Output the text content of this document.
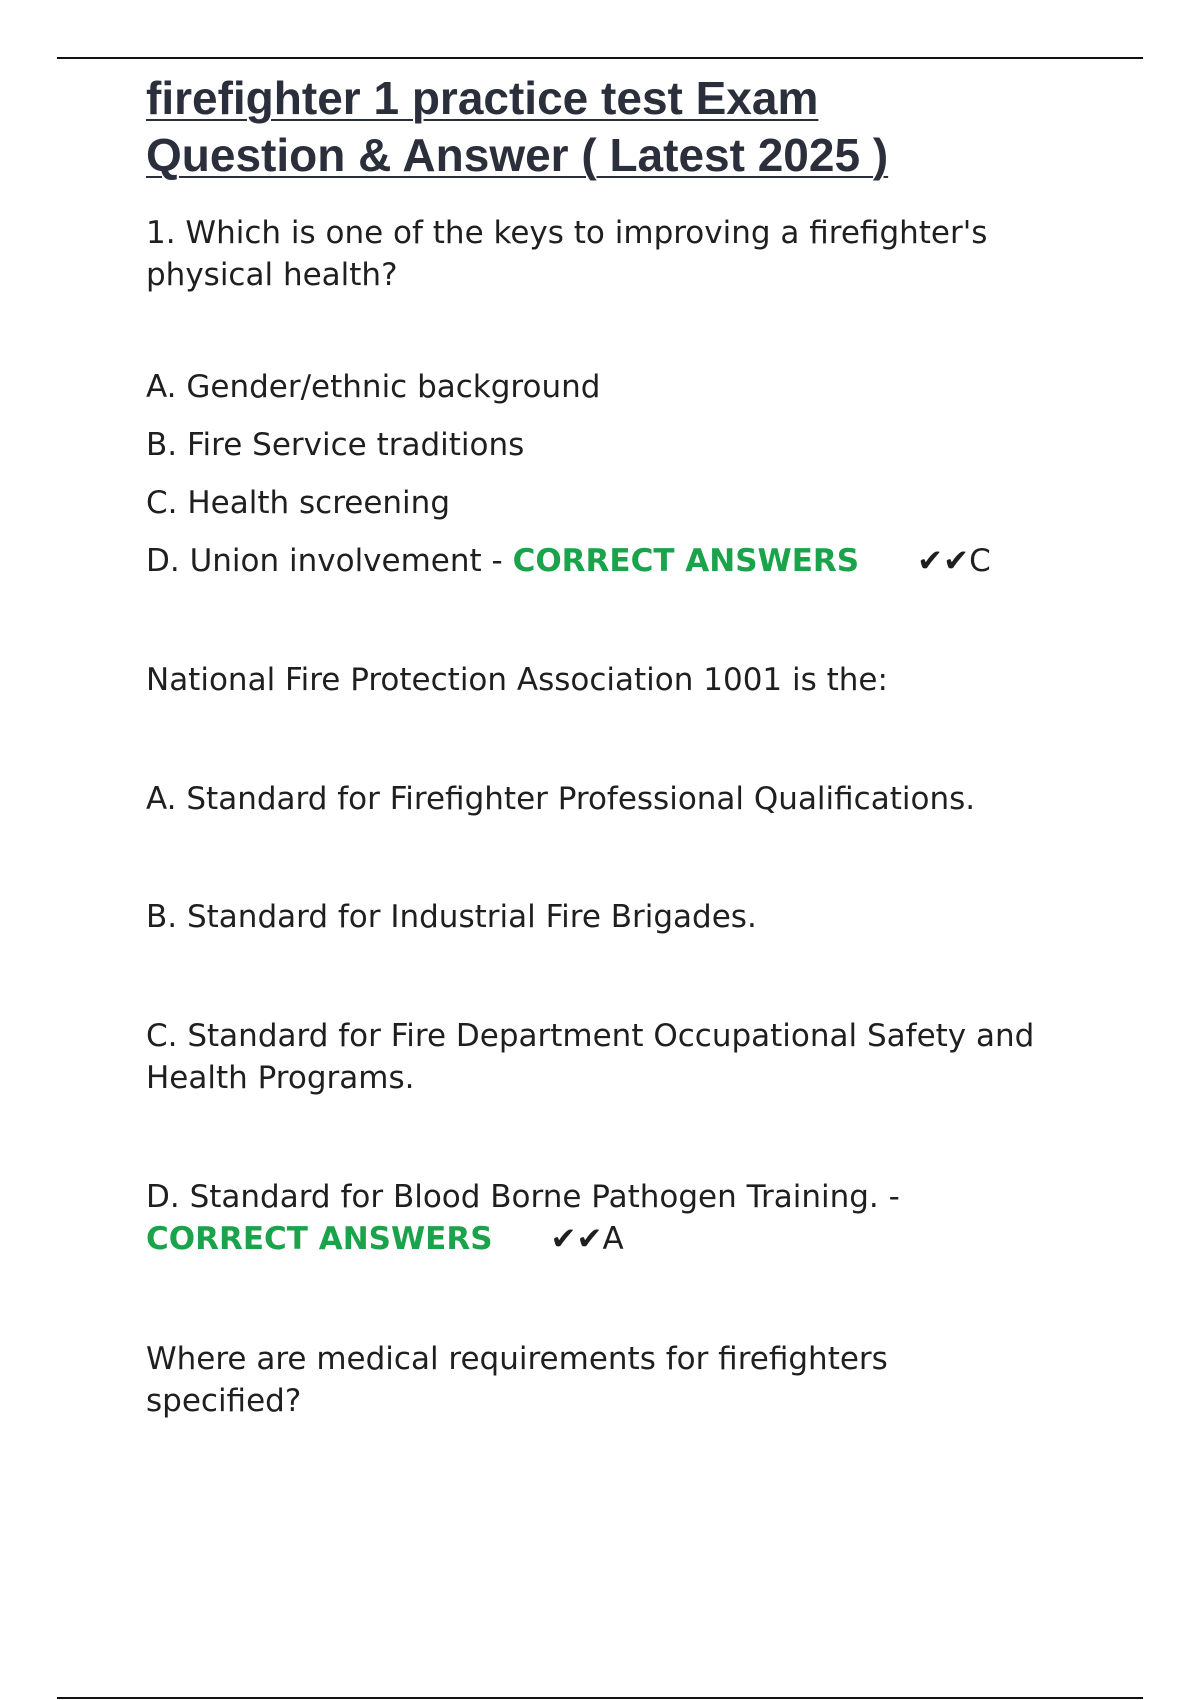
firefighter 1 practice test Exam
Question & Answer ( Latest 2025 )

1. Which is one of the keys to improving a firefighter's physical health?

A. Gender/ethnic background

B. Fire Service traditions

C. Health screening

D. Union involvement - CORRECT ANSWERS ✔✔C

National Fire Protection Association 1001 is the:

A. Standard for Firefighter Professional Qualifications.

B. Standard for Industrial Fire Brigades.

C. Standard for Fire Department Occupational Safety and Health Programs.

D. Standard for Blood Borne Pathogen Training. -
CORRECT ANSWERS ✔✔A

Where are medical requirements for firefighters specified?
